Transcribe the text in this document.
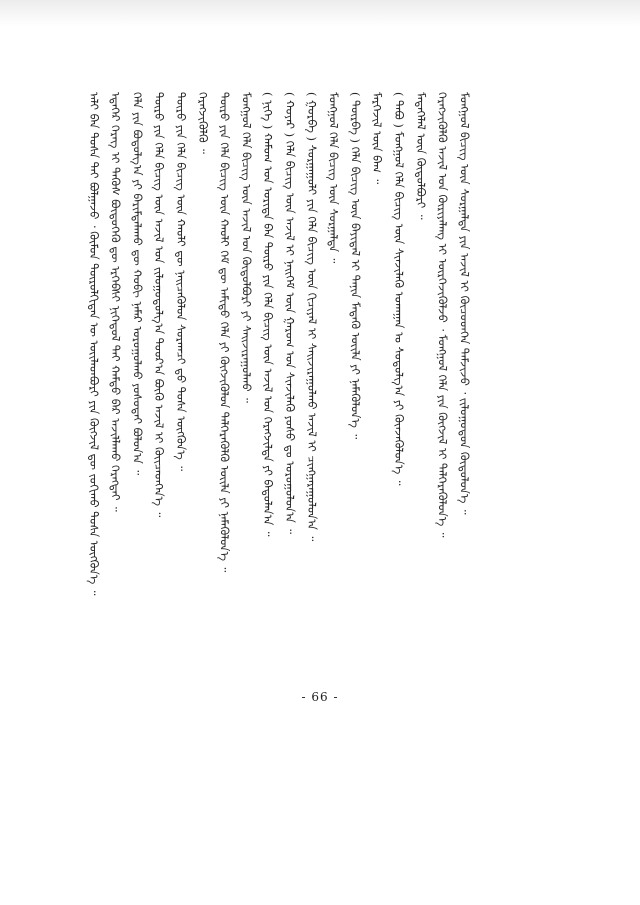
ᠠᠯᠢ ᠪᠠᠨ ᠲᠤᠰᠠ ᠲᠠᠢ ᠪᠣᠯᠭᠠᠵᠤ ᠂ ᠬᠦᠮᠦᠨ ᠲᠥᠷᠥᠯᠬᠢᠲᠡᠨ ᠦ ᠦᠢᠯᠡᠳᠪᠦᠷᠢ ᠶᠢᠨ ᠬᠥᠭᠵᠢᠯ ᠳᠦ ᠵᠣᠬᠢᠬᠤ ᠲᠣᠰᠠ ᠥᠭᠭᠦᠨ᠎ᠡ ᠃ ᠡᠳᠡᠭᠡᠷ ᠬᠡᠷᠡᠭ ᠢ ᠲᠡᠭᠦᠰ ᠪᠦᠲᠦᠭᠡᠬᠦ ᠳᠦ ᠡᠷᠬᠡᠪᠰᠢ ᠨᠢᠭᠡᠳᠦᠯ ᠲᠡᠢ ᠬᠠᠮᠲᠤ ᠪᠠᠷ ᠠᠵᠢᠯᠯᠠᠬᠤ ᠬᠡᠷᠡᠭᠲᠡᠢ ᠃ ᠬᠡᠯᠡ ᠶᠢᠨ ᠪᠣᠳᠣᠯᠭ᠎ᠠ ᠶᠢ ᠪᠠᠷᠢᠮᠲᠠᠯᠠᠬᠤ ᠳᠦ ᠬᠤᠪᠢ ᠨᠡᠮᠡᠷ ᠣᠷᠣᠭᠤᠯᠬᠤ ᠶᠤᠰᠤᠲᠠᠢ ᠪᠣᠯᠤᠨ᠎ᠠ ᠃ ᠲᠦᠷᠦ ᠶᠢᠨ ᠬᠡᠯᠡ ᠪᠢᠴᠢᠭ ᠦᠨ ᠠᠵᠢᠯ ᠤᠨ ᠵᠢᠯᠤᠭᠤᠳᠤᠯᠭ᠎ᠠ ᠳᠣᠣᠷ᠎ᠠ ᠪᠦᠬᠦ ᠠᠵᠢᠯ ᠢ ᠭᠦᠢᠴᠡᠳᠭᠡᠨ᠎ᠡ ᠃ ᠲᠥᠷᠥ ᠶᠢᠨ ᠬᠡᠯᠡ ᠪᠢᠴᠢᠭ ᠦᠨ ᠬᠠᠤᠯᠢ ᠳᠦ ᠨᠡᠢᠴᠡᠭᠦᠯᠦᠨ ᠰᠤᠷᠠᠭᠴᠢ ᠳ᠋ᠤ ᠲᠣᠰᠠ ᠥᠭᠭᠦᠨ᠎ᠡ ᠃ ᠬᠡᠷᠡᠭᠵᠢᠭᠦᠯᠬᠦ ᠃ ᠲᠥᠷᠥ ᠶᠢᠨ ᠬᠡᠯᠡ ᠪᠢᠴᠢᠭ ᠦᠨ ᠬᠠᠤᠯᠢ ᠬᠡᠮ ᠳᠦ ᠠᠮᠢᠳᠤ ᠬᠡᠯᠡ ᠶᠢ ᠬᠥᠭᠵᠢᠭᠦᠯᠦᠨ ᠲᠡᠯᠭᠡᠷᠡᠭᠦᠯᠬᠦ ᠦᠢᠯᠡ ᠶᠢ ᠨᠡᠮᠡᠭᠦᠯᠦᠨ᠎ᠡ ᠃ ᠮᠣᠩᠭᠣᠯ ᠬᠡᠯᠡ ᠪᠢᠴᠢᠭ ᠦᠨ ᠠᠵᠢᠯ ᠤᠨ ᠬᠥᠲᠥᠯᠪᠦᠷᠢ ᠶᠢ ᠰᠠᠢᠵᠢᠷᠠᠭᠤᠯᠬᠤ ᠃ ( ᠨᠢᠭᠡ ) ᠬᠠᠮᠤᠭ ᠤᠨ ᠤᠷᠢᠳᠠ ᠪᠠᠨ ᠲᠥᠷᠥ ᠶᠢᠨ ᠬᠡᠯᠡ ᠪᠢᠴᠢᠭ ᠦᠨ ᠠᠵᠢᠯ ᠤᠨ ᠬᠡᠷᠡᠭᠵᠢᠯᠲᠡ ᠶᠢ ᠪᠠᠲᠤᠯᠠᠨ᠎ᠠ ᠃ ( ᠬᠣᠶᠠᠷ ) ᠬᠡᠯᠡ ᠪᠢᠴᠢᠭ ᠦᠨ ᠠᠵᠢᠯ ᠢ ᠨᠡᠢᠭᠡᠮ ᠦᠨ ᠭᠠᠷᠤᠭ ᠤᠨ ᠰᠢᠨᠵᠢᠯᠡᠬᠦ ᠶᠤᠰᠤ ᠳᠤ ᠣᠷᠣᠭᠤᠯᠤᠨ᠎ᠠ ᠃ ( ᠭᠤᠷᠪᠠ ) ᠰᠤᠷᠭᠠᠭᠤᠯᠢ ᠶᠢᠨ ᠬᠡᠯᠡ ᠪᠢᠴᠢᠭ ᠦᠨ ᠬᠢᠴᠢᠶᠡᠯ ᠢ ᠰᠠᠢᠵᠢᠷᠠᠭᠤᠯᠬᠤ ᠠᠵᠢᠯ ᠢ ᠴᠢᠩᠭᠠᠷᠠᠭᠤᠯᠤᠨ᠎ᠠ ᠃ ᠮᠣᠩᠭᠣᠯ ᠬᠡᠯᠡ ᠪᠢᠴᠢᠭ ᠦᠨ ᠰᠤᠷᠭᠠᠯᠲᠠ ᠃ ( ᠳᠥᠷᠪᠡ ) ᠬᠡᠯᠡ ᠪᠢᠴᠢᠭ ᠦᠨ ᠪᠠᠶᠢᠳᠠᠯ ᠢ ᠲᠠᠨᠢᠨ ᠮᠡᠳᠡᠬᠦ ᠦᠢᠯᠡ ᠶᠢ ᠨᠡᠮᠡᠭᠦᠯᠦᠨ᠎ᠡ ᠃ ᠮᠡᠷᠭᠡᠵᠢᠯ ᠦᠨ ᠪᠠᠭ ᠃ ( ᠲᠠᠪᠤ ) ᠮᠣᠩᠭᠣᠯ ᠬᠡᠯᠡ ᠪᠢᠴᠢᠭ ᠦᠨ ᠰᠢᠨᠵᠢᠯᠡᠬᠦ ᠤᠬᠠᠭᠠᠨ ᠤ ᠰᠤᠳᠤᠯᠭ᠎ᠠ ᠶᠢ ᠭᠦᠨᠵᠡᠭᠦᠯᠦᠨ᠎ᠡ ᠃ ᠮᠡᠳᠡᠭᠡᠯᠡᠯ ᠦᠨ ᠬᠥᠲᠥᠯᠪᠦᠷᠢ ᠃ ᠬᠡᠷᠡᠭᠵᠢᠭᠦᠯᠬᠦ ᠠᠵᠢᠯ ᠤᠨ ᠬᠦᠷᠢᠶᠡᠯᠡᠩ ᠢ ᠥᠷᠭᠡᠵᠢᠭᠦᠯᠵᠦ ᠂ ᠮᠣᠩᠭᠣᠯ ᠬᠡᠯᠡ ᠶᠢᠨ ᠬᠥᠭᠵᠢᠯ ᠢ ᠲᠡᠯᠭᠡᠷᠡᠭᠦᠯᠦᠨ᠎ᠡ ᠃ ᠮᠣᠩᠭᠣᠯ ᠪᠢᠴᠢᠭ ᠦᠨ ᠰᠤᠷᠭᠠᠯᠲᠠ ᠶᠢᠨ ᠠᠵᠢᠯ ᠢ ᠬᠦᠴᠦᠳᠬᠡᠨ ᠳᠡᠮᠵᠢᠵᠦ ᠂ ᠵᠢᠯᠤᠭᠤᠳᠤᠨ ᠬᠥᠲᠥᠯᠦᠨ᠎ᠡ ᠃
- 66 -
